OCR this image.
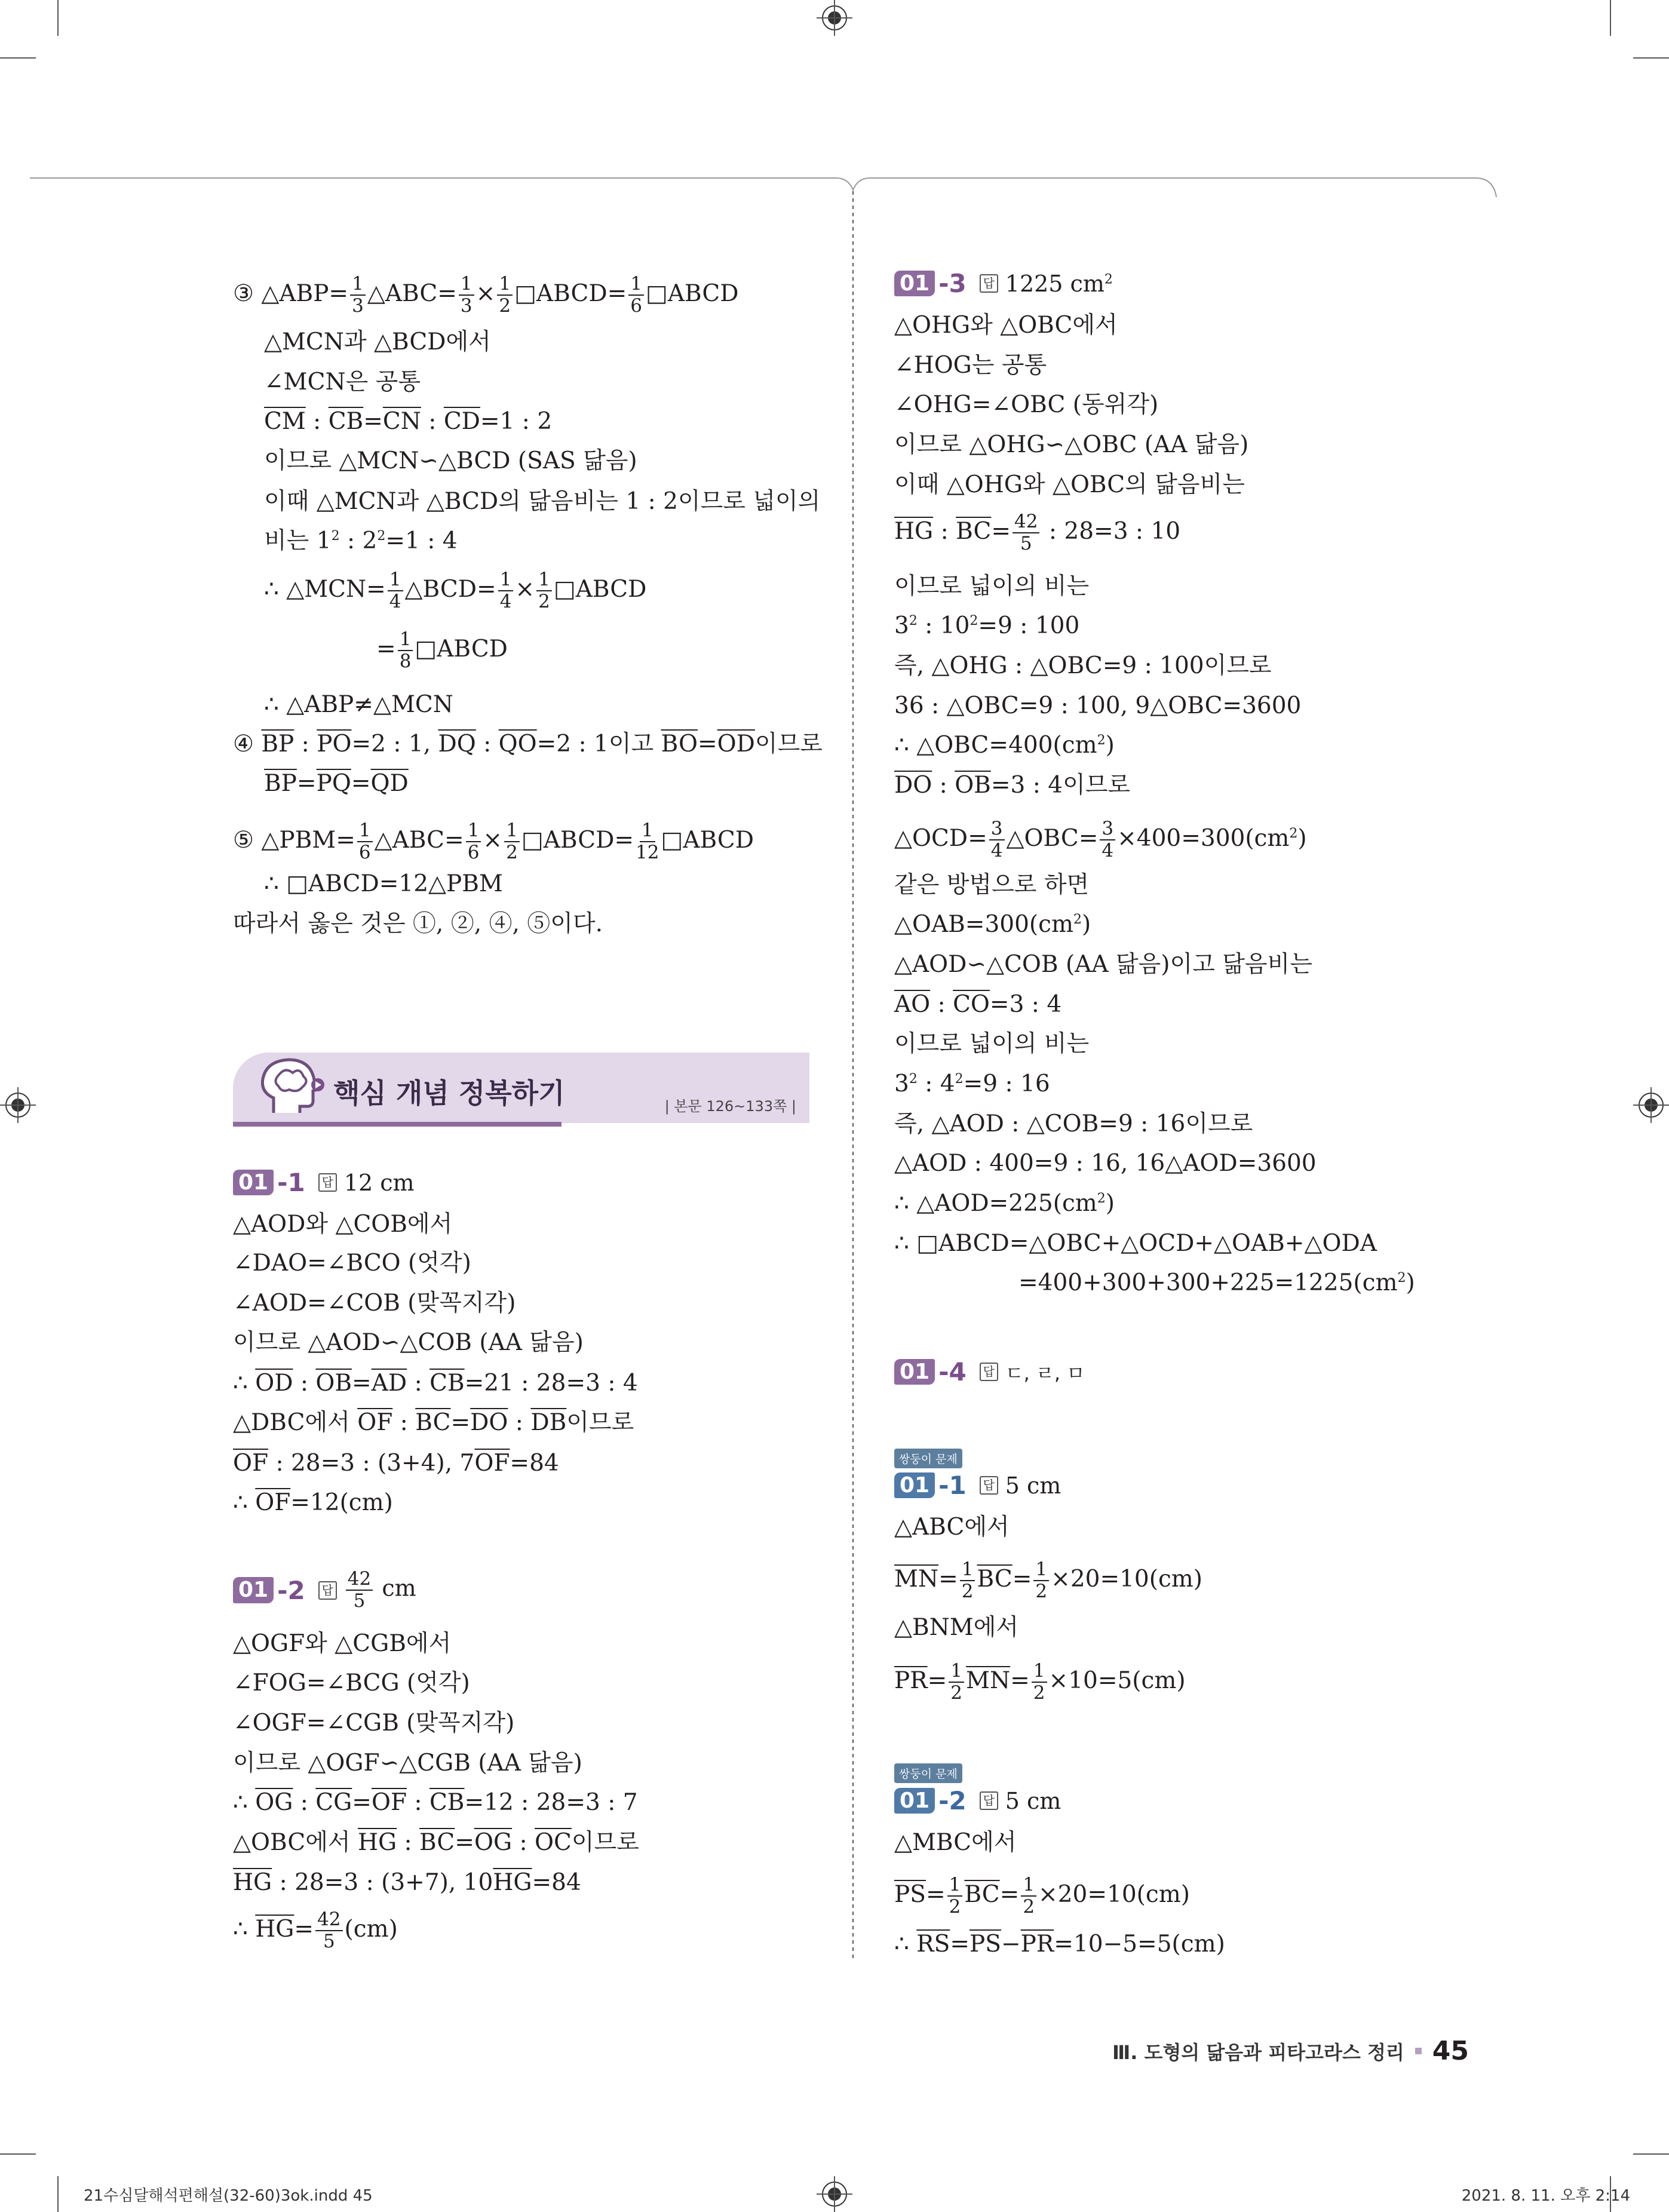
③ △ABP= $\frac{1}{3}$ △ABC= $\frac{1}{3} \times \frac{1}{2}$ □ABCD= $\frac{1}{6}$ □ABCD
△MCN과 △BCD에서
∠MCN은 공통
$\overline{CM}$ : $\overline{CB}=\overline{CN}$ : $\overline{CD}=1$ : 2
이므로 △MCN∽△BCD (SAS 닮음)
이때 △MCN과 △BCD의 닮음비는 1 : 2이므로 넓이의
비는 $1^2$ : $2^2=1$ : 4
∴ △MCN= $\frac{1}{4}$ △BCD= $\frac{1}{4} \times \frac{1}{2}$ □ABCD
= $\frac{1}{8}$ □ABCD
∴ △ABP≠△MCN
④ $\overline{BP}$ : $\overline{PO}=2$ : 1, $\overline{DQ}$ : $\overline{QO}=2$ : 1이고 $\overline{BO}=\overline{OD}$이므로
$\overline{BP}=\overline{PQ}=\overline{QD}$
⑤ △PBM= $\frac{1}{6}$ △ABC= $\frac{1}{6} \times \frac{1}{2}$ □ABCD= $\frac{1}{12}$ □ABCD
∴ □ABCD=12△PBM
따라서 옳은 것은 ①, ②, ④, ⑤이다.
핵심 개념 정복하기	| 본문 126~133쪽 |
01 -1 답 12 cm
△AOD와 △COB에서
∠DAO=∠BCO (엇각)
∠AOD=∠COB (맞꼭지각)
이므로 △AOD∽△COB (AA 닮음)
∴ $\overline{OD}$ : $\overline{OB}=\overline{AD}$ : $\overline{CB}=21$ : 28=3 : 4
△DBC에서 $\overline{OF}$ : $\overline{BC}=\overline{DO}$ : $\overline{DB}$이므로
$\overline{OF}$ : 28=3 : (3+4), $7\overline{OF}=84$
∴ $\overline{OF}=12(cm)$
01 -2 답 $\frac{42}{5}$ cm
△OGF와 △CGB에서
∠FOG=∠BCG (엇각)
∠OGF=∠CGB (맞꼭지각)
이므로 △OGF∽△CGB (AA 닮음)
∴ $\overline{OG}$ : $\overline{CG}=\overline{OF}$ : $\overline{CB}=12$ : 28=3 : 7
△OBC에서 $\overline{HG}$ : $\overline{BC}=\overline{OG}$ : $\overline{OC}$이므로
$\overline{HG}$ : 28=3 : (3+7), $10\overline{HG}=84$
∴ $\overline{HG}= \frac{42}{5} (cm)$
01 -3 답 1225 $cm^2$
△OHG와 △OBC에서
∠HOG는 공통
∠OHG=∠OBC (동위각)
이므로 △OHG∽△OBC (AA 닮음)
이때 △OHG와 △OBC의 닮음비는
$\overline{HG}$ : $\overline{BC}= \frac{42}{5}$ : 28=3 : 10
이므로 넓이의 비는
$3^2$ : $10^2=9$ : 100
즉, △OHG : △OBC=9 : 100이므로
36 : △OBC=9 : 100, 9△OBC=3600
∴ $\triangle OBC=400(cm^2)$
$\overline{DO}$ : $\overline{OB}=3$ : 4이므로
△OCD= $\frac{3}{4}$ △OBC= $\frac{3}{4} \times 400=300(cm^2)$
같은 방법으로 하면
$\triangle OAB=300(cm^2)$
△AOD∽△COB (AA 닮음)이고 닮음비는
$\overline{AO}$ : $\overline{CO}=3$ : 4
이므로 넓이의 비는
$3^2$ : $4^2=9$ : 16
즉, △AOD : △COB=9 : 16이므로
△AOD : 400=9 : 16, 16△AOD=3600
∴ $\triangle AOD=225(cm^2)$
∴ □ABCD=△OBC+△OCD+△OAB+△ODA
$=400+300+300+225=1225(cm^2)$
01 -4 답 ㄷ, ㄹ, ㅁ
쌍둥이 문제
01 -1 답 5 cm
△ABC에서
$\overline{MN}= \frac{1}{2} \overline{BC}= \frac{1}{2} \times 20=10(cm)$
△BNM에서
$\overline{PR}= \frac{1}{2} \overline{MN}= \frac{1}{2} \times 10=5(cm)$
쌍둥이 문제
01 -2 답 5 cm
△MBC에서
$\overline{PS}= \frac{1}{2} \overline{BC}= \frac{1}{2} \times 20=10(cm)$
∴ $\overline{RS}=\overline{PS}-\overline{PR}=10-5=5(cm)$
Ⅲ. 도형의 닮음과 피타고라스 정리 45
21수심달해석편해설(32-60)3ok.indd 45	2021. 8. 11. 오후 2:14
